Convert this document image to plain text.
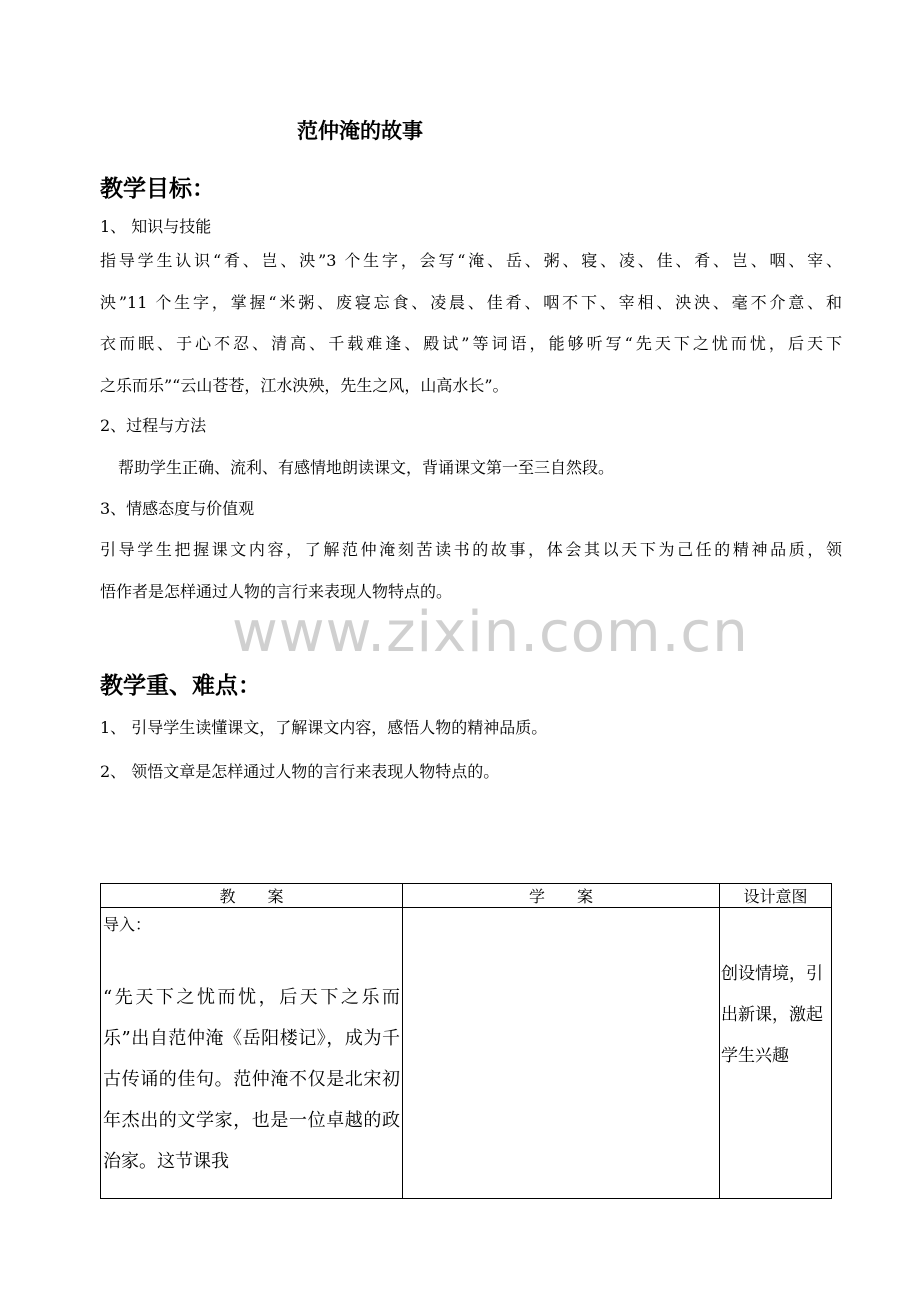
范仲淹的故事
教学目标：
1、 知识与技能
指导学生认识“肴、岂、泱”3 个生字，会写“淹、岳、粥、寝、凌、佳、肴、岂、咽、宰、
泱”11 个生字，掌握“米粥、废寝忘食、凌晨、佳肴、咽不下、宰相、泱泱、毫不介意、和
衣而眠、于心不忍、清高、千载难逢、殿试”等词语，能够听写“先天下之忧而忧，后天下
之乐而乐”“云山苍苍，江水泱殃，先生之风，山高水长”。
2、过程与方法
帮助学生正确、流利、有感情地朗读课文，背诵课文第一至三自然段。
3、情感态度与价值观
引导学生把握课文内容，了解范仲淹刻苦读书的故事，体会其以天下为己任的精神品质，领
悟作者是怎样通过人物的言行来表现人物特点的。
www.zixin.com.cn
教学重、难点：
1、 引导学生读懂课文，了解课文内容，感悟人物的精神品质。
2、 领悟文章是怎样通过人物的言行来表现人物特点的。
教　　案	学　　案	设计意图

导入：
“先天下之忧而忧，后天下之乐而乐”出自范仲淹《岳阳楼记》，成为千古传诵的佳句。范仲淹不仅是北宋初年杰出的文学家，也是一位卓越的政治家。这节课我		创设情境，引出新课，激起学生兴趣
